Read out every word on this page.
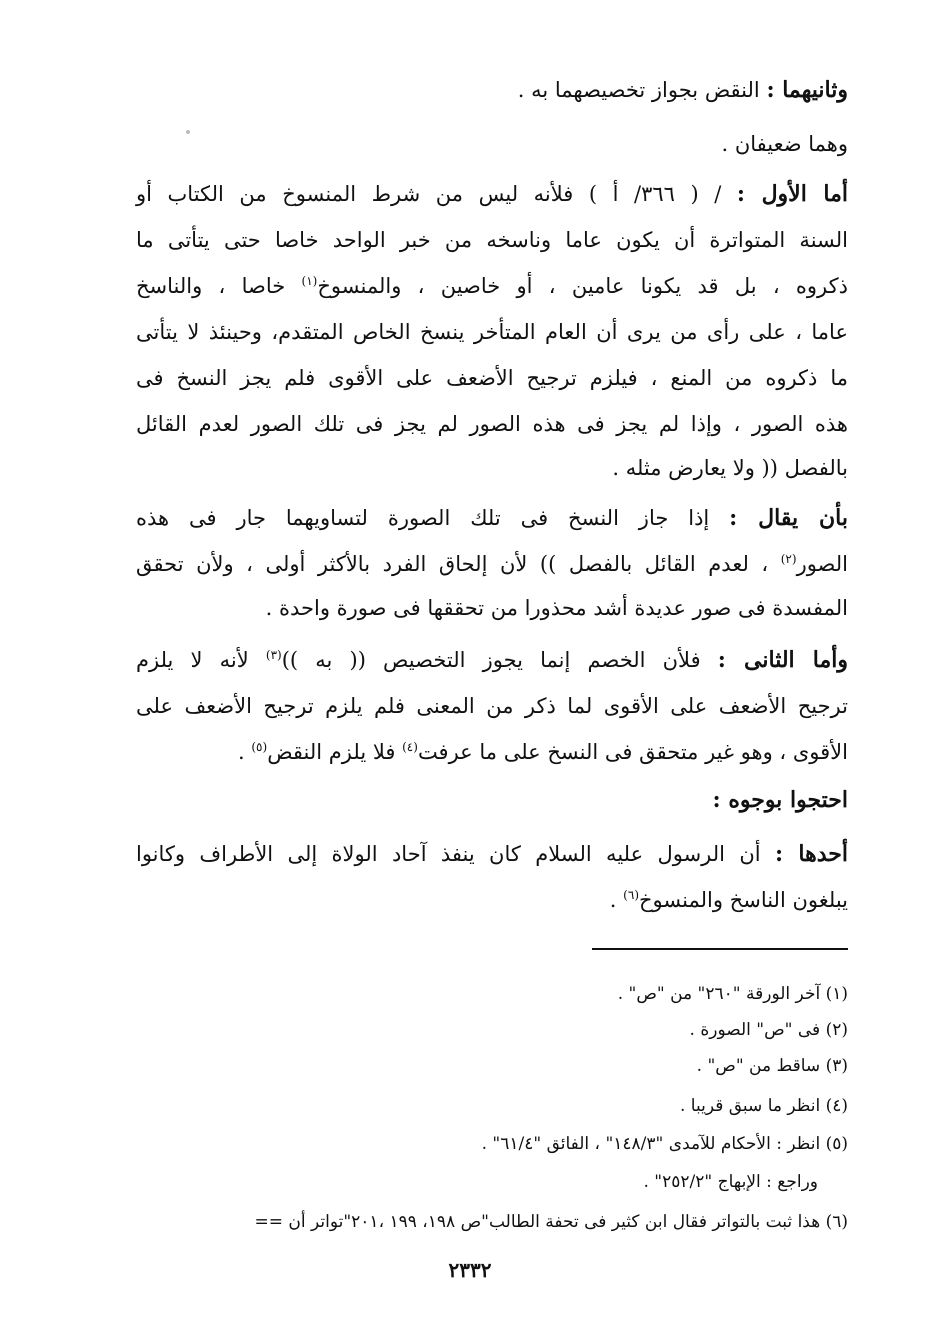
وثانيهما : النقض بجواز تخصيصهما به .
وهما ضعيفان .
أما الأول : / ( ٣٦٦/ أ ) فلأنه ليس من شرط المنسوخ من الكتاب أو
السنة المتواترة أن يكون عاما وناسخه من خبر الواحد خاصا حتى يتأتى ما
ذكروه ، بل قد يكونا عامين ، أو خاصين ، والمنسوخ$^{(١)}$ خاصا ، والناسخ
عاما ، على رأى من يرى أن العام المتأخر ينسخ الخاص المتقدم، وحينئذ لا يتأتى
ما ذكروه من المنع ، فيلزم ترجيح الأضعف على الأقوى فلم يجز النسخ فى
هذه الصور ، وإذا لم يجز فى هذه الصور لم يجز فى تلك الصور لعدم القائل
بالفصل (( ولا يعارض مثله .
بأن يقال : إذا جاز النسخ فى تلك الصورة لتساويهما جار فى هذه
الصور$^{(٢)}$ ، لعدم القائل بالفصل )) لأن إلحاق الفرد بالأكثر أولى ، ولأن تحقق
المفسدة فى صور عديدة أشد محذورا من تحققها فى صورة واحدة .
وأما الثانى : فلأن الخصم إنما يجوز التخصيص (( به ))$^{(٣)}$ لأنه لا يلزم
ترجيح الأضعف على الأقوى لما ذكر من المعنى فلم يلزم ترجيح الأضعف على
الأقوى ، وهو غير متحقق فى النسخ على ما عرفت$^{(٤)}$ فلا يلزم النقض$^{(٥)}$ .
احتجوا بوجوه :
أحدها : أن الرسول عليه السلام كان ينفذ آحاد الولاة إلى الأطراف وكانوا
يبلغون الناسخ والمنسوخ$^{(٦)}$ .
(١) آخر الورقة "٢٦٠" من "ص" .
(٢) فى "ص" الصورة .
(٣) ساقط من "ص" .
(٤) انظر ما سبق قريبا .
(٥) انظر : الأحكام للآمدى "١٤٨/٣" ، الفائق "٦١/٤" .
وراجع : الإبهاج "٢٥٢/٢" .
(٦) هذا ثبت بالتواتر فقال ابن كثير فى تحفة الطالب"ص ١٩٨، ١٩٩ ،٢٠١"تواتر أن ==
٢٣٣٢
